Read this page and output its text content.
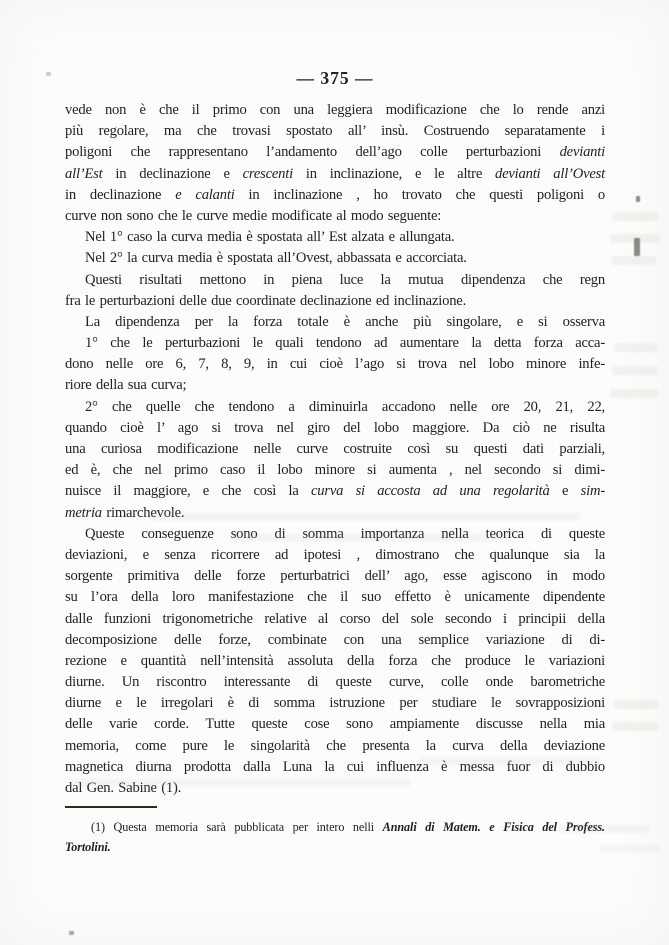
— 375 —
vede non è che il primo con una leggiera modificazione che lo rende anzi
più regolare, ma che trovasi spostato all’ insù. Costruendo separatamente i
poligoni che rappresentano l’andamento dell’ago colle perturbazioni devianti
all’Est in declinazione e crescenti in inclinazione, e le altre devianti all’Ovest
in declinazione e calanti in inclinazione , ho trovato che questi poligoni o
curve non sono che le curve medie modificate al modo seguente:
Nel 1° caso la curva media è spostata all’ Est alzata e allungata.
Nel 2° la curva media è spostata all’Ovest, abbassata e accorciata.
Questi risultati mettono in piena luce la mutua dipendenza che regn
fra le perturbazioni delle due coordinate declinazione ed inclinazione.
La dipendenza per la forza totale è anche più singolare, e si osserva
1° che le perturbazioni le quali tendono ad aumentare la detta forza acca-
dono nelle ore 6, 7, 8, 9, in cui cioè l’ago si trova nel lobo minore infe-
riore della sua curva;
2° che quelle che tendono a diminuirla accadono nelle ore 20, 21, 22,
quando cioè l’ ago si trova nel giro del lobo maggiore. Da ciò ne risulta
una curiosa modificazione nelle curve costruite così su questi dati parziali,
ed è, che nel primo caso il lobo minore si aumenta , nel secondo si dimi-
nuisce il maggiore, e che così la curva si accosta ad una regolarità e sim-
metria rimarchevole.
Queste conseguenze sono di somma importanza nella teorica di queste
deviazioni, e senza ricorrere ad ipotesi , dimostrano che qualunque sia la
sorgente primitiva delle forze perturbatrici dell’ ago, esse agiscono in modo
su l’ora della loro manifestazione che il suo effetto è unicamente dipendente
dalle funzioni trigonometriche relative al corso del sole secondo i principii della
decomposizione delle forze, combinate con una semplice variazione di di-
rezione e quantità nell’intensità assoluta della forza che produce le variazioni
diurne. Un riscontro interessante di queste curve, colle onde barometriche
diurne e le irregolari è di somma istruzione per studiare le sovrapposizioni
delle varie corde. Tutte queste cose sono ampiamente discusse nella mia
memoria, come pure le singolarità che presenta la curva della deviazione
magnetica diurna prodotta dalla Luna la cui influenza è messa fuor di dubbio
dal Gen. Sabine (1).
(1) Questa memoria sarà pubblicata per intero nelli Annali di Matem. e Fisica del Profess.
Tortolini.
